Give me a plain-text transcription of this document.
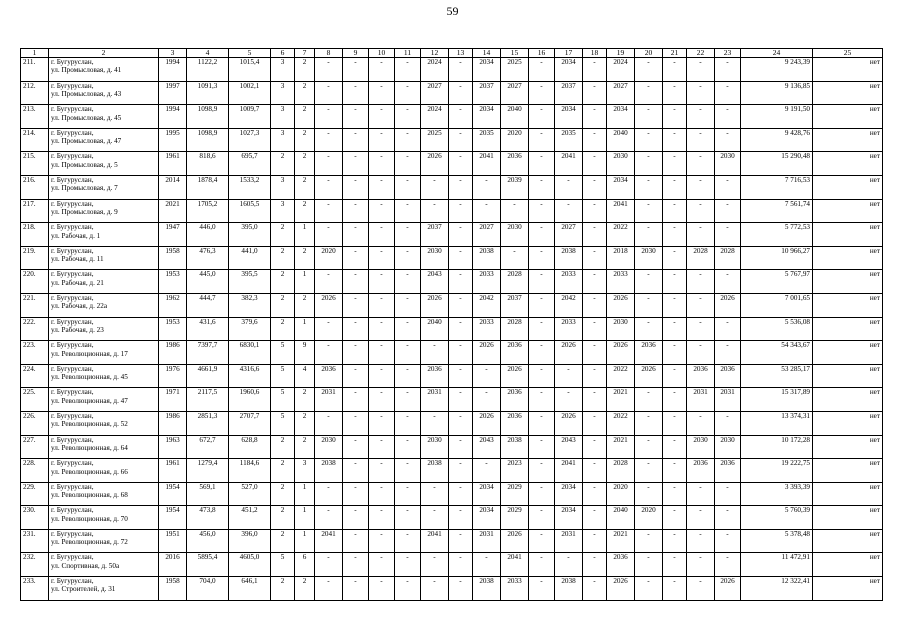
59
1	2	3	4	5	6	7	8	9	10	11	12	13	14	15	16	17	18	19	20	21	22	23	24	25
211.	г. Бугуруслан,
ул. Промысловая, д. 41	1994	1122,2	1015,4	3	2	-	-	-	-	2024	-	2034	2025	-	2034	-	2024	-	-	-	-	9 243,39	нет
212.	г. Бугуруслан,
ул. Промысловая, д. 43	1997	1091,3	1002,1	3	2	-	-	-	-	2027	-	2037	2027	-	2037	-	2027	-	-	-	-	9 136,85	нет
213.	г. Бугуруслан,
ул. Промысловая, д. 45	1994	1098,9	1009,7	3	2	-	-	-	-	2024	-	2034	2040	-	2034	-	2034	-	-	-	-	9 191,50	нет
214.	г. Бугуруслан,
ул. Промысловая, д. 47	1995	1098,9	1027,3	3	2	-	-	-	-	2025	-	2035	2020	-	2035	-	2040	-	-	-	-	9 428,76	нет
215.	г. Бугуруслан,
ул. Промысловая, д. 5	1961	818,6	695,7	2	2	-	-	-	-	2026	-	2041	2036	-	2041	-	2030	-	-	-	2030	15 290,48	нет
216.	г. Бугуруслан,
ул. Промысловая, д. 7	2014	1878,4	1533,2	3	2	-	-	-	-	-	-	-	2039	-	-	-	2034	-	-	-	-	7 716,53	нет
217.	г. Бугуруслан,
ул. Промысловая, д. 9	2021	1705,2	1605,5	3	2	-	-	-	-	-	-	-	-	-	-	-	2041	-	-	-	-	7 561,74	нет
218.	г. Бугуруслан,
ул. Рабочая, д. 1	1947	446,0	395,0	2	1	-	-	-	-	2037	-	2027	2030	-	2027	-	2022	-	-	-	-	5 772,53	нет
219.	г. Бугуруслан,
ул. Рабочая, д. 11	1958	476,3	441,0	2	2	2020	-	-	-	2030	-	2038	-	-	2038	-	2018	2030	-	2028	2028	10 966,27	нет
220.	г. Бугуруслан,
ул. Рабочая, д. 21	1953	445,0	395,5	2	1	-	-	-	-	2043	-	2033	2028	-	2033	-	2033	-	-	-	-	5 767,97	нет
221.	г. Бугуруслан,
ул. Рабочая, д. 22а	1962	444,7	382,3	2	2	2026	-	-	-	2026	-	2042	2037	-	2042	-	2026	-	-	-	2026	7 001,65	нет
222.	г. Бугуруслан,
ул. Рабочая, д. 23	1953	431,6	379,6	2	1	-	-	-	-	2040	-	2033	2028	-	2033	-	2030	-	-	-	-	5 536,08	нет
223.	г. Бугуруслан,
ул. Революционная, д. 17	1986	7397,7	6830,1	5	9	-	-	-	-	-	-	2026	2036	-	2026	-	2026	2036	-	-	-	54 343,67	нет
224.	г. Бугуруслан,
ул. Революционная, д. 45	1976	4661,9	4316,6	5	4	2036	-	-	-	2036	-	-	2026	-	-	-	2022	2026	-	2036	2036	53 285,17	нет
225.	г. Бугуруслан,
ул. Революционная, д. 47	1971	2117,5	1960,6	5	2	2031	-	-	-	2031	-	-	2036	-	-	-	2021	-	-	2031	2031	15 317,89	нет
226.	г. Бугуруслан,
ул. Революционная, д. 52	1986	2851,3	2707,7	5	2	-	-	-	-	-	-	2026	2036	-	2026	-	2022	-	-	-	-	13 374,31	нет
227.	г. Бугуруслан,
ул. Революционная, д. 64	1963	672,7	628,8	2	2	2030	-	-	-	2030	-	2043	2038	-	2043	-	2021	-	-	2030	2030	10 172,28	нет
228.	г. Бугуруслан,
ул. Революционная, д. 66	1961	1279,4	1184,6	2	3	2038	-	-	-	2038	-	-	2023	-	2041	-	2028	-	-	2036	2036	19 222,75	нет
229.	г. Бугуруслан,
ул. Революционная, д. 68	1954	569,1	527,0	2	1	-	-	-	-	-	-	2034	2029	-	2034	-	2020	-	-	-	-	3 393,39	нет
230.	г. Бугуруслан,
ул. Революционная, д. 70	1954	473,8	451,2	2	1	-	-	-	-	-	-	2034	2029	-	2034	-	2040	2020	-	-	-	5 760,39	нет
231.	г. Бугуруслан,
ул. Революционная, д. 72	1951	456,0	396,0	2	1	2041	-	-	-	2041	-	2031	2026	-	2031	-	2021	-	-	-	-	5 378,48	нет
232.	г. Бугуруслан,
ул. Спортивная, д. 50а	2016	5895,4	4605,0	5	6	-	-	-	-	-	-	-	2041	-	-	-	2036	-	-	-	-	11 472,91	нет
233.	г. Бугуруслан,
ул. Строителей, д. 31	1958	704,0	646,1	2	2	-	-	-	-	-	-	2038	2033	-	2038	-	2026	-	-	-	2026	12 322,41	нет
